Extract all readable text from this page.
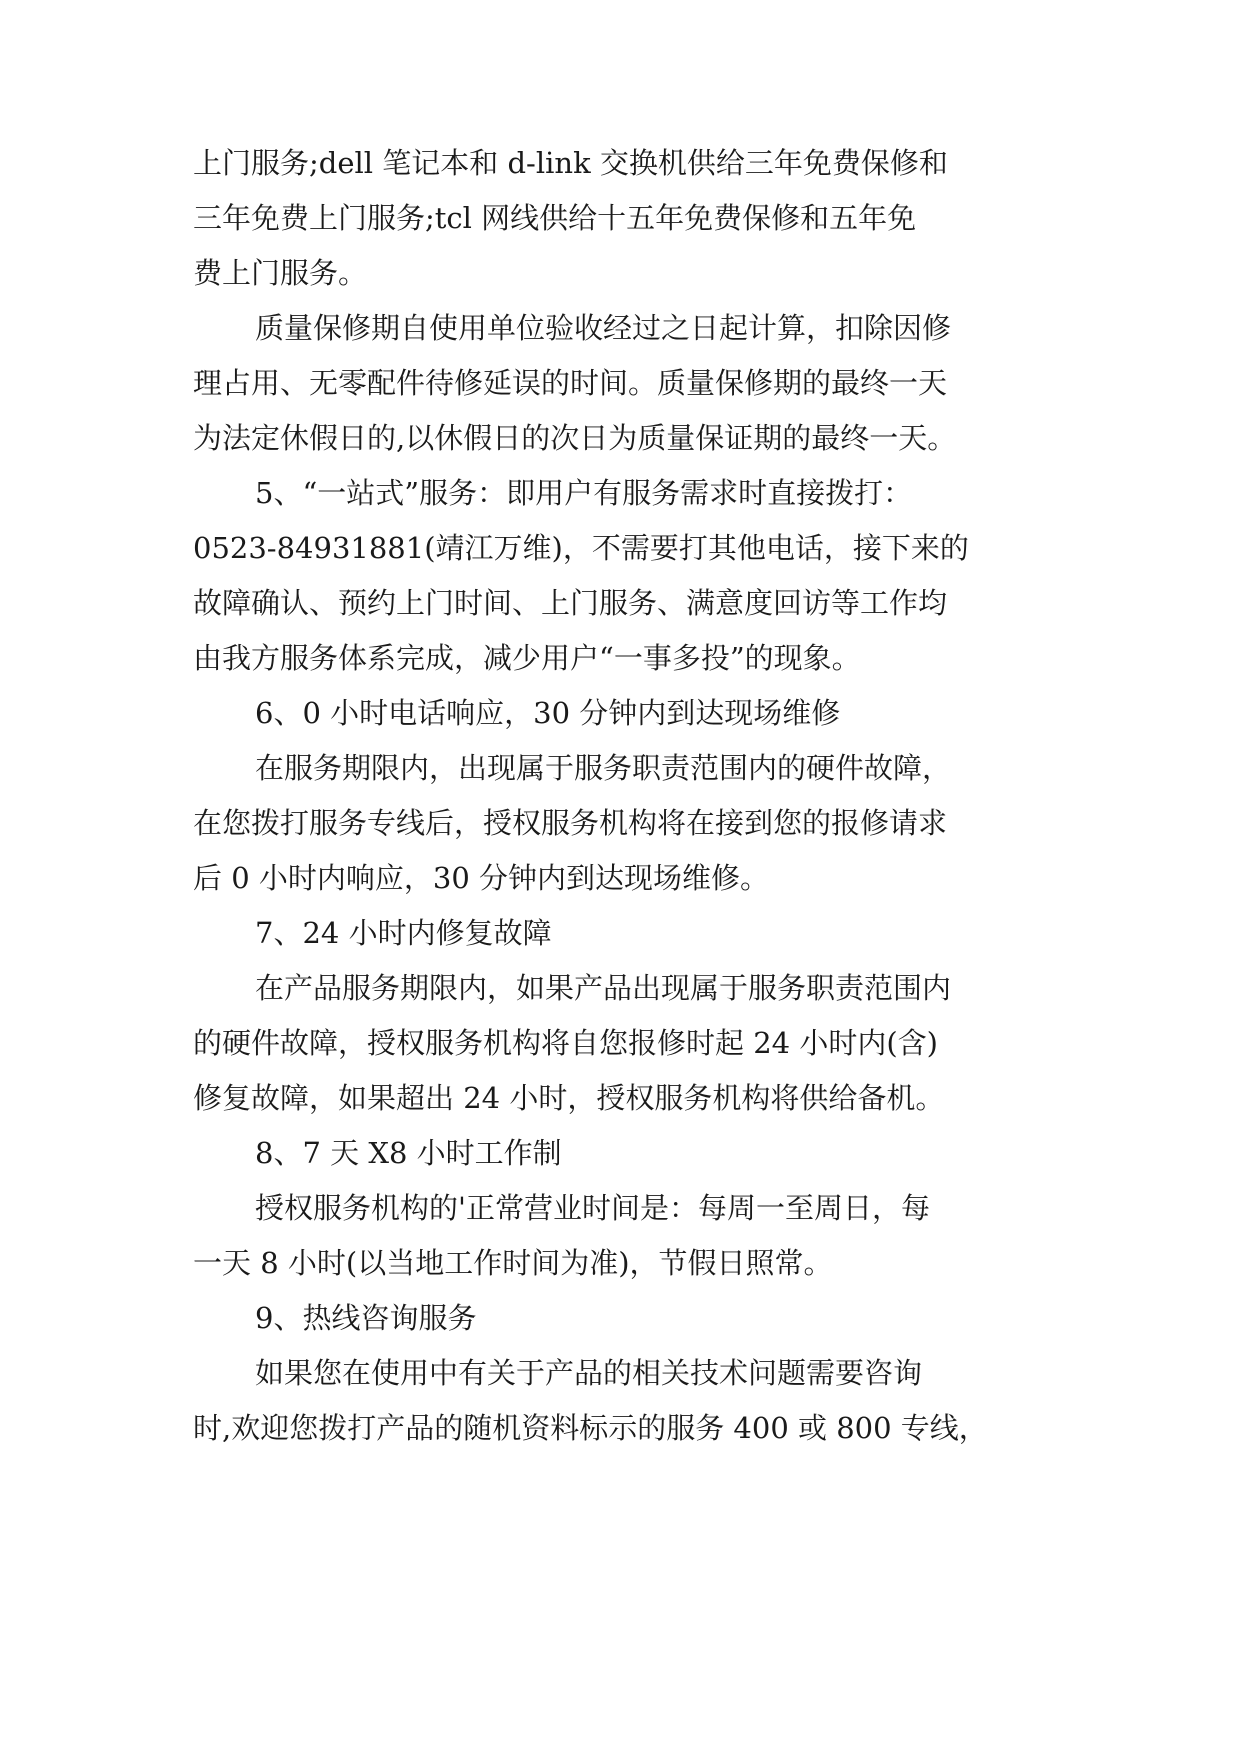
上门服务;dell 笔记本和 d-link 交换机供给三年免费保修和
三年免费上门服务;tcl 网线供给十五年免费保修和五年免
费上门服务。
质量保修期自使用单位验收经过之日起计算，扣除因修
理占用、无零配件待修延误的时间。质量保修期的最终一天
为法定休假日的,以休假日的次日为质量保证期的最终一天。
5、“一站式”服务：即用户有服务需求时直接拨打：
0523-84931881(靖江万维)，不需要打其他电话，接下来的
故障确认、预约上门时间、上门服务、满意度回访等工作均
由我方服务体系完成，减少用户“一事多投”的现象。
6、0 小时电话响应，30 分钟内到达现场维修
在服务期限内，出现属于服务职责范围内的硬件故障，
在您拨打服务专线后，授权服务机构将在接到您的报修请求
后 0 小时内响应，30 分钟内到达现场维修。
7、24 小时内修复故障
在产品服务期限内，如果产品出现属于服务职责范围内
的硬件故障，授权服务机构将自您报修时起 24 小时内(含)
修复故障，如果超出 24 小时，授权服务机构将供给备机。
8、7 天 X8 小时工作制
授权服务机构的'正常营业时间是：每周一至周日，每
一天 8 小时(以当地工作时间为准)，节假日照常。
9、热线咨询服务
如果您在使用中有关于产品的相关技术问题需要咨询
时,欢迎您拨打产品的随机资料标示的服务 400 或 800 专线，
